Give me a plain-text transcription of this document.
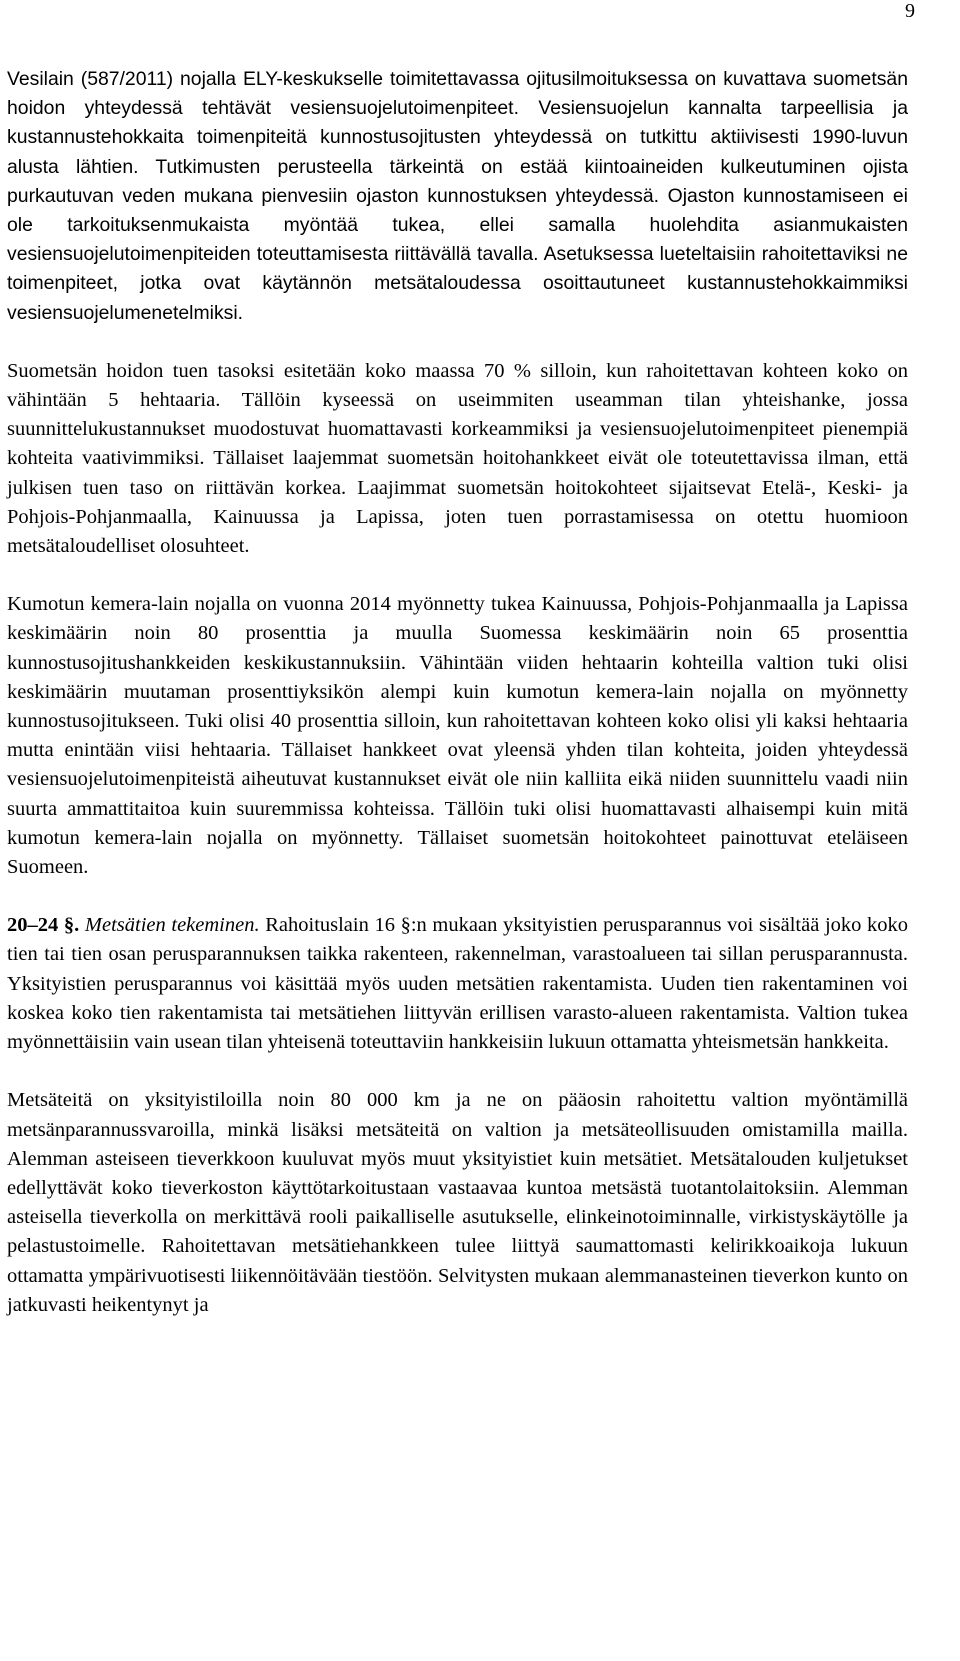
9

Vesilain (587/2011) nojalla ELY-keskukselle toimitettavassa ojitusilmoituksessa on kuvattava suometsän hoidon yhteydessä tehtävät vesiensuojelutoimenpiteet. Vesiensuojelun kannalta tarpeellisia ja kustannustehokkaita toimenpiteitä kunnostusojitusten yhteydessä on tutkittu aktiivisesti 1990-luvun alusta lähtien. Tutkimusten perusteella tärkeintä on estää kiintoaineiden kulkeutuminen ojista purkautuvan veden mukana pienvesiin ojaston kunnostuksen yhteydessä. Ojaston kunnostamiseen ei ole tarkoituksenmukaista myöntää tukea, ellei samalla huolehdita asianmukaisten vesiensuojelutoimenpiteiden toteuttamisesta riittävällä tavalla. Asetuksessa lueteltaisiin rahoitettaviksi ne toimenpiteet, jotka ovat käytännön metsätaloudessa osoittautuneet kustannustehokkaimmiksi vesiensuojelumenetelmiksi.

Suometsän hoidon tuen tasoksi esitetään koko maassa 70 % silloin, kun rahoitettavan kohteen koko on vähintään 5 hehtaaria. Tällöin kyseessä on useimmiten useamman tilan yhteishanke, jossa suunnittelukustannukset muodostuvat huomattavasti korkeammiksi ja vesiensuojelutoimenpiteet pienempiä kohteita vaativimmiksi. Tällaiset laajemmat suometsän hoitohankkeet eivät ole toteutettavissa ilman, että julkisen tuen taso on riittävän korkea. Laajimmat suometsän hoitokohteet sijaitsevat Etelä-, Keski- ja Pohjois-Pohjanmaalla, Kainuussa ja Lapissa, joten tuen porrastamisessa on otettu huomioon metsätaloudelliset olosuhteet.

Kumotun kemera-lain nojalla on vuonna 2014 myönnetty tukea Kainuussa, Pohjois-Pohjanmaalla ja Lapissa keskimäärin noin 80 prosenttia ja muulla Suomessa keskimäärin noin 65 prosenttia kunnostusojitushankkeiden keskikustannuksiin. Vähintään viiden hehtaarin kohteilla valtion tuki olisi keskimäärin muutaman prosenttiyksikön alempi kuin kumotun kemera-lain nojalla on myönnetty kunnostusojitukseen. Tuki olisi 40 prosenttia silloin, kun rahoitettavan kohteen koko olisi yli kaksi hehtaaria mutta enintään viisi hehtaaria. Tällaiset hankkeet ovat yleensä yhden tilan kohteita, joiden yhteydessä vesiensuojelutoimenpiteistä aiheutuvat kustannukset eivät ole niin kalliita eikä niiden suunnittelu vaadi niin suurta ammattitaitoa kuin suuremmissa kohteissa. Tällöin tuki olisi huomattavasti alhaisempi kuin mitä kumotun kemera-lain nojalla on myönnetty. Tällaiset suometsän hoitokohteet painottuvat eteläiseen Suomeen.

20–24 §. Metsätien tekeminen. Rahoituslain 16 §:n mukaan yksityistien perusparannus voi sisältää joko koko tien tai tien osan perusparannuksen taikka rakenteen, rakennelman, varastoalueen tai sillan perusparannusta. Yksityistien perusparannus voi käsittää myös uuden metsätien rakentamista. Uuden tien rakentaminen voi koskea koko tien rakentamista tai metsätiehen liittyvän erillisen varasto-alueen rakentamista. Valtion tukea myönnettäisiin vain usean tilan yhteisenä toteuttaviin hankkeisiin lukuun ottamatta yhteismetsän hankkeita.

Metsäteitä on yksityistiloilla noin 80 000 km ja ne on pääosin rahoitettu valtion myöntämillä metsänparannussvaroilla, minkä lisäksi metsäteitä on valtion ja metsäteollisuuden omistamilla mailla. Alemman asteiseen tieverkkoon kuuluvat myös muut yksityistiet kuin metsätiet. Metsätalouden kuljetukset edellyttävät koko tieverkoston käyttötarkoitustaan vastaavaa kuntoa metsästä tuotantolaitoksiin. Alemman asteisella tieverkolla on merkittävä rooli paikalliselle asutukselle, elinkeinotoiminnalle, virkistyskäytölle ja pelastustoimelle. Rahoitettavan metsätiehankkeen tulee liittyä saumattomasti kelirikkoaikoja lukuun ottamatta ympärivuotisesti liikennöitävään tiestöön. Selvitysten mukaan alemmanasteinen tieverkon kunto on jatkuvasti heikentynyt ja
